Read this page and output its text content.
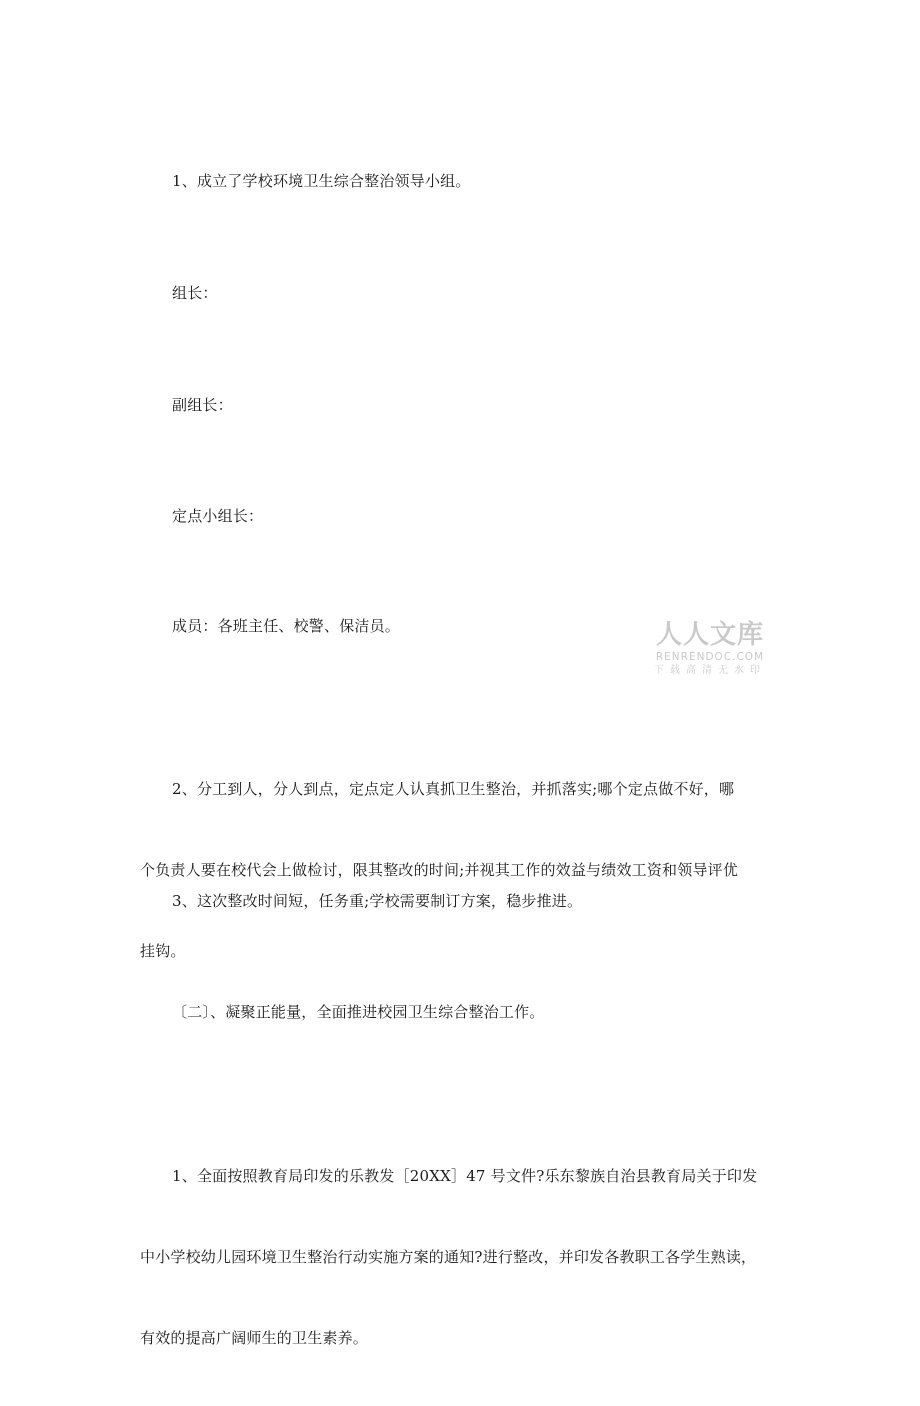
1、成立了学校环境卫生综合整治领导小组。
组长：
副组长：
定点小组长：
成员：各班主任、校警、保洁员。

2、分工到人，分人到点，定点定人认真抓卫生整治，并抓落实;哪个定点做不好，哪

个负责人要在校代会上做检讨，限其整改的时间;并视其工作的效益与绩效工资和领导评优

挂钩。

3、这次整改时间短，任务重;学校需要制订方案，稳步推进。
〔二〕、凝聚正能量，全面推进校园卫生综合整治工作。

1、全面按照教育局印发的乐教发［20XX］47 号文件?乐东黎族自治县教育局关于印发

中小学校幼儿园环境卫生整治行动实施方案的通知?进行整改，并印发各教职工各学生熟读，

有效的提高广阔师生的卫生素养。

人人文库
RENRENDOC.COM
下载高清无水印
